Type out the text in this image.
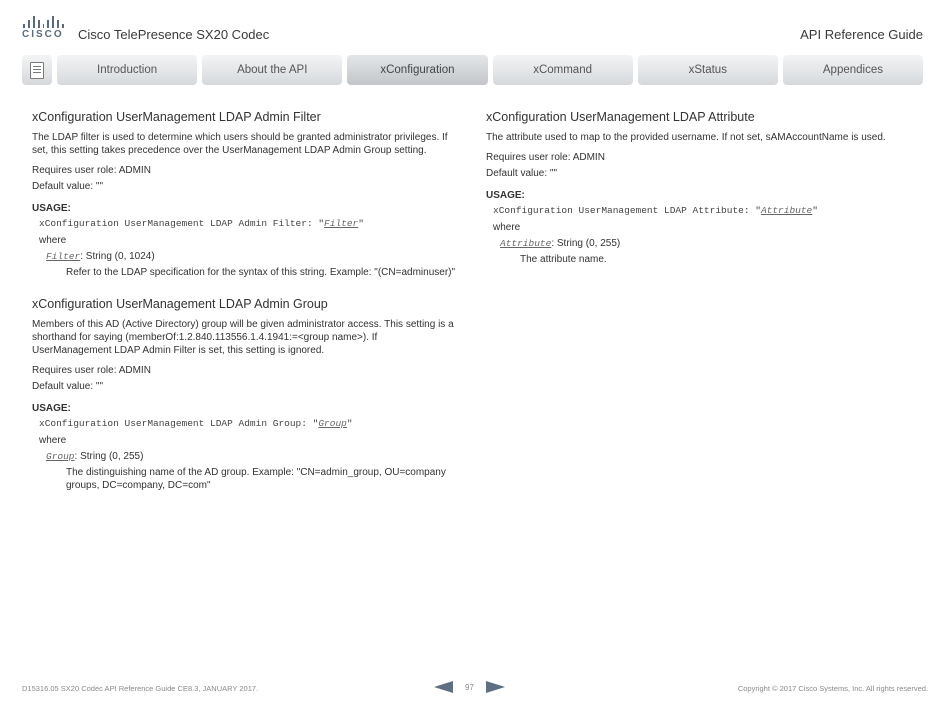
CISCO Cisco TelePresence SX20 Codec	API Reference Guide
Introduction	About the API	xConfiguration	xCommand	xStatus	Appendices
xConfiguration UserManagement LDAP Admin Filter
The LDAP filter is used to determine which users should be granted administrator privileges. If set, this setting takes precedence over the UserManagement LDAP Admin Group setting.
Requires user role: ADMIN
Default value: ""
USAGE:
xConfiguration UserManagement LDAP Admin Filter: "Filter"
where
Filter: String (0, 1024)
Refer to the LDAP specification for the syntax of this string. Example: "(CN=adminuser)"
xConfiguration UserManagement LDAP Admin Group
Members of this AD (Active Directory) group will be given administrator access. This setting is a shorthand for saying (memberOf:1.2.840.113556.1.4.1941:=<group name>). If UserManagement LDAP Admin Filter is set, this setting is ignored.
Requires user role: ADMIN
Default value: ""
USAGE:
xConfiguration UserManagement LDAP Admin Group: "Group"
where
Group: String (0, 255)
The distinguishing name of the AD group. Example: "CN=admin_group, OU=company groups, DC=company, DC=com"
xConfiguration UserManagement LDAP Attribute
The attribute used to map to the provided username. If not set, sAMAccountName is used.
Requires user role: ADMIN
Default value: ""
USAGE:
xConfiguration UserManagement LDAP Attribute: "Attribute"
where
Attribute: String (0, 255)
The attribute name.
D15316.05 SX20 Codec API Reference Guide CE8.3, JANUARY 2017.	97	Copyright © 2017 Cisco Systems, Inc. All rights reserved.
